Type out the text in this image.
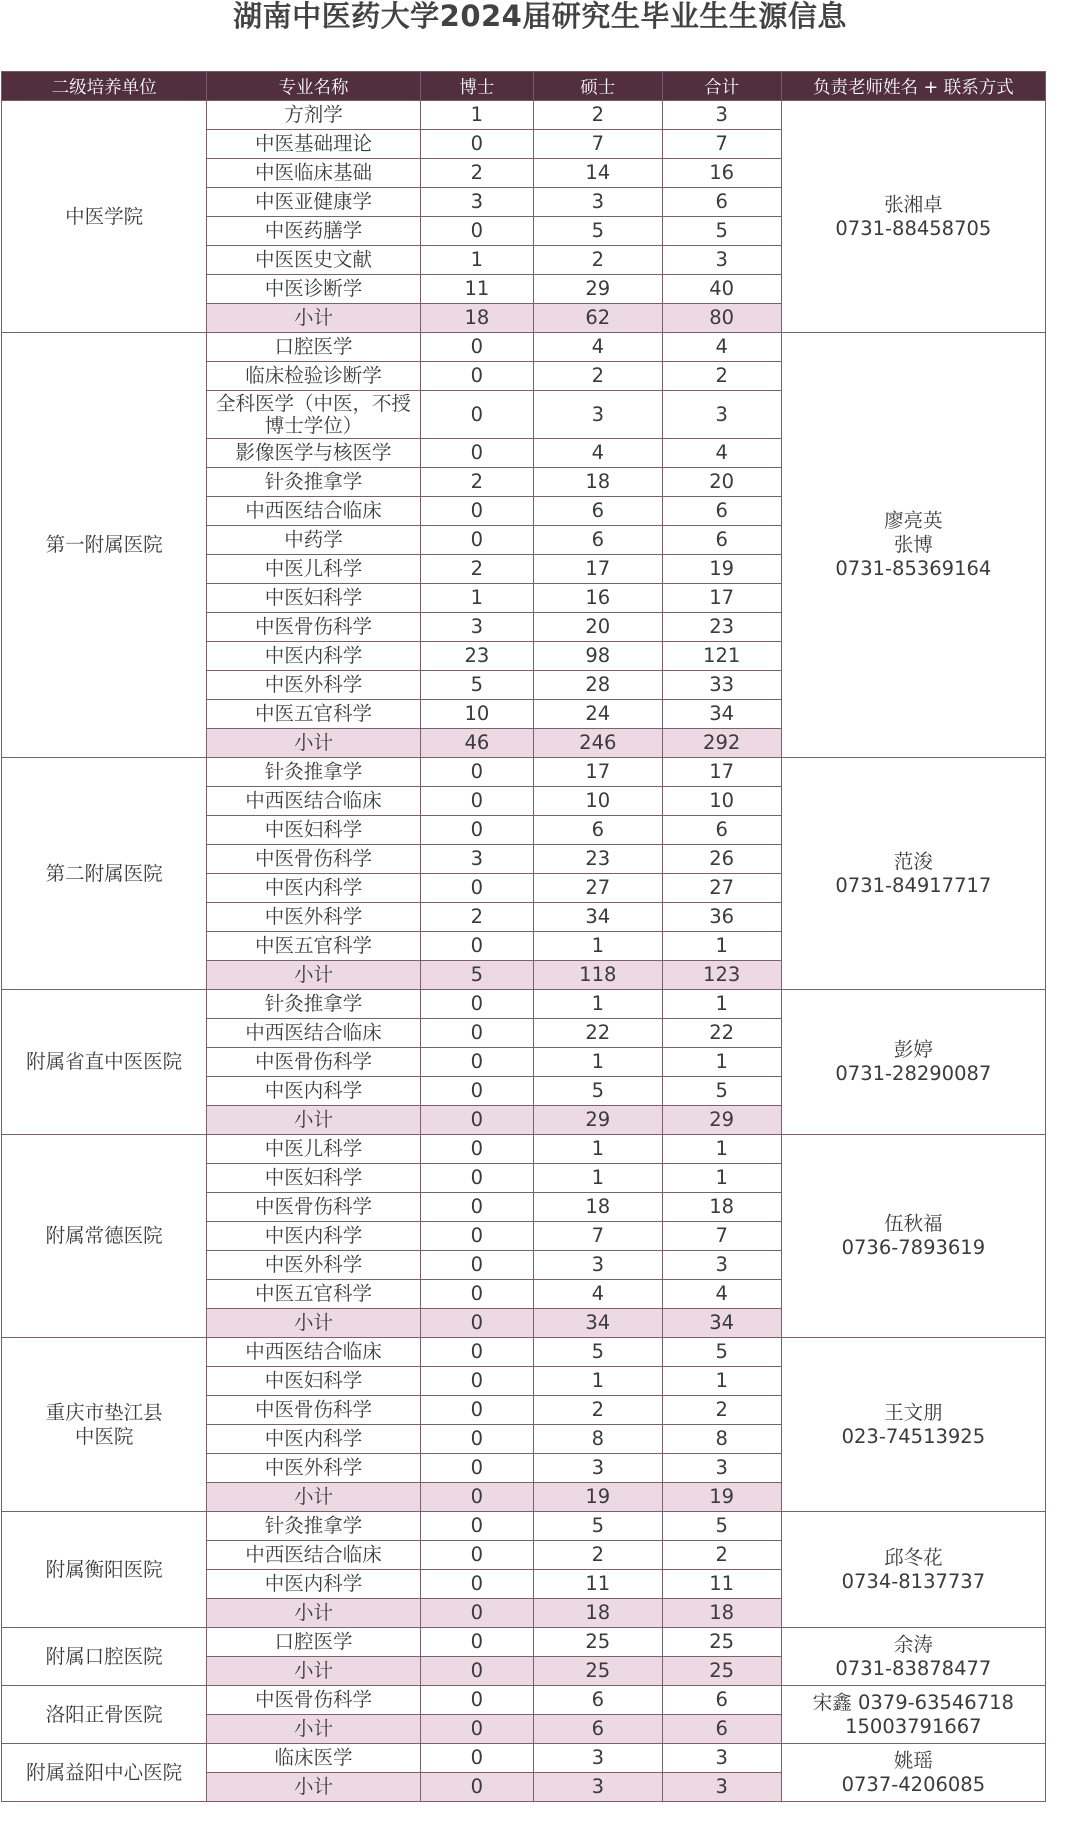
湖南中医药大学2024届研究生毕业生生源信息
二级培养单位	专业名称	博士	硕士	合计	负责老师姓名 + 联系方式

中医学院	方剂学	1	2	3	张湘卓
0731-88458705

	中医基础理论	0	7	7	

	中医临床基础	2	14	16	

	中医亚健康学	3	3	6	

	中医药膳学	0	5	5	

	中医医史文献	1	2	3	

	中医诊断学	11	29	40	

	小计	18	62	80	

第一附属医院	口腔医学	0	4	4	廖亮英
张博
0731-85369164

	临床检验诊断学	0	2	2	

	全科医学（中医，不授
博士学位）	0	3	3	

	影像医学与核医学	0	4	4	

	针灸推拿学	2	18	20	

	中西医结合临床	0	6	6	

	中药学	0	6	6	

	中医儿科学	2	17	19	

	中医妇科学	1	16	17	

	中医骨伤科学	3	20	23	

	中医内科学	23	98	121	

	中医外科学	5	28	33	

	中医五官科学	10	24	34	

	小计	46	246	292	

第二附属医院	针灸推拿学	0	17	17	范浚
0731-84917717

	中西医结合临床	0	10	10	

	中医妇科学	0	6	6	

	中医骨伤科学	3	23	26	

	中医内科学	0	27	27	

	中医外科学	2	34	36	

	中医五官科学	0	1	1	

	小计	5	118	123	

附属省直中医医院	针灸推拿学	0	1	1	彭婷
0731-28290087

	中西医结合临床	0	22	22	

	中医骨伤科学	0	1	1	

	中医内科学	0	5	5	

	小计	0	29	29	

附属常德医院	中医儿科学	0	1	1	伍秋福
0736-7893619

	中医妇科学	0	1	1	

	中医骨伤科学	0	18	18	

	中医内科学	0	7	7	

	中医外科学	0	3	3	

	中医五官科学	0	4	4	

	小计	0	34	34	

重庆市垫江县
中医院	中西医结合临床	0	5	5	王文朋
023-74513925

	中医妇科学	0	1	1	

	中医骨伤科学	0	2	2	

	中医内科学	0	8	8	

	中医外科学	0	3	3	

	小计	0	19	19	

附属衡阳医院	针灸推拿学	0	5	5	邱冬花
0734-8137737

	中西医结合临床	0	2	2	

	中医内科学	0	11	11	

	小计	0	18	18	

附属口腔医院	口腔医学	0	25	25	余涛
0731-83878477

	小计	0	25	25	

洛阳正骨医院	中医骨伤科学	0	6	6	宋鑫 0379-63546718
15003791667

	小计	0	6	6	

附属益阳中心医院	临床医学	0	3	3	姚瑶
0737-4206085

	小计	0	3	3	
